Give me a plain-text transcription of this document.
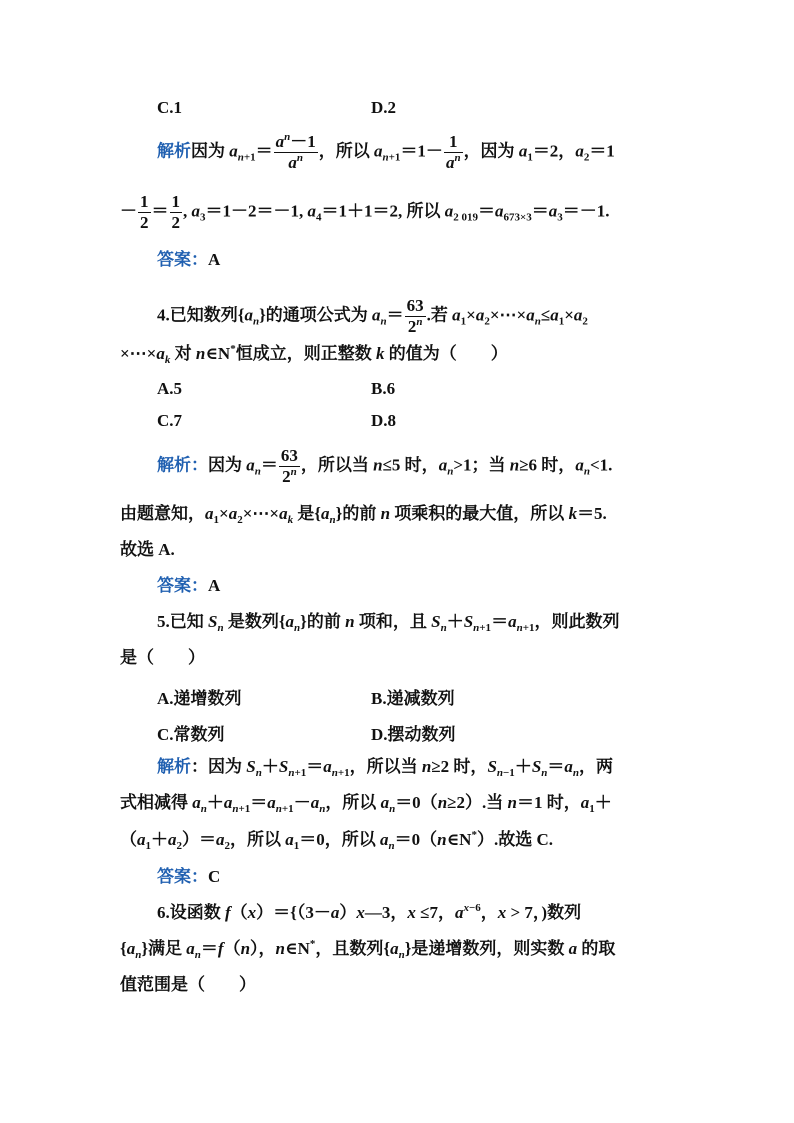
C.1	D.2
解析因为 $a_{n+1}= \frac{a^n-1}{a^n}$ ，所以 $a_{n+1}=1- \frac{1}{a^n}$ ，因为 $a_1=2$，$a_2=1$
－ $\frac{1}{2} = \frac{1}{2}$ , $a_3=1-2=-1$, $a_4=1+1=2$, 所以 $a_{2 019}=a_{673\times 3}=a_3=-1$.
答案：A
4.已知数列$\{a_n\}$的通项公式为 $a_n= \frac{63}{2^n}$ .若 $a_1\times a_2\times\cdots\times a_n\le a_1\times a_2$
$\times\cdots\times a_k$ 对 n∈N*恒成立，则正整数 k 的值为（　　）
A.5	B.6
C.7	D.8
解析：因为 $a_n= \frac{63}{2^n}$ ，所以当 n≤5 时，$a_n>1$；当 n≥6 时，$a_n<1$.
由题意知，$a_1\times a_2\times\cdots\times a_k$ 是$\{a_n\}$的前 n 项乘积的最大值，所以 k＝5.
故选 A.
答案：A
5.已知 $S_n$ 是数列$\{a_n\}$的前 n 项和，且 $S_n+S_{n+1}=a_{n+1}$，则此数列
是（　　）
A.递增数列	B.递减数列
C.常数列	D.摆动数列
解析：因为 $S_n+S_{n+1}=a_{n+1}$，所以当 n≥2 时，$S_{n-1}+S_n=a_n$，两
式相减得 $a_n+a_{n+1}=a_{n+1}-a_n$，所以 $a_n=0(n\ge 2)$.当 n＝1 时，$a_1+$
$(a_1+a_2)=a_2$，所以 $a_1=0$，所以 $a_n=0(n\in N^*)$.故选 C.
答案：C
6.设函数 f（x）＝{（3－a）x—3，x ≤7，$a^{x-6}$，x > 7，)数列
$\{a_n\}$满足 $a_n=f(n)$，n∈N*，且数列$\{a_n\}$是递增数列，则实数 a 的取
值范围是（　　）
